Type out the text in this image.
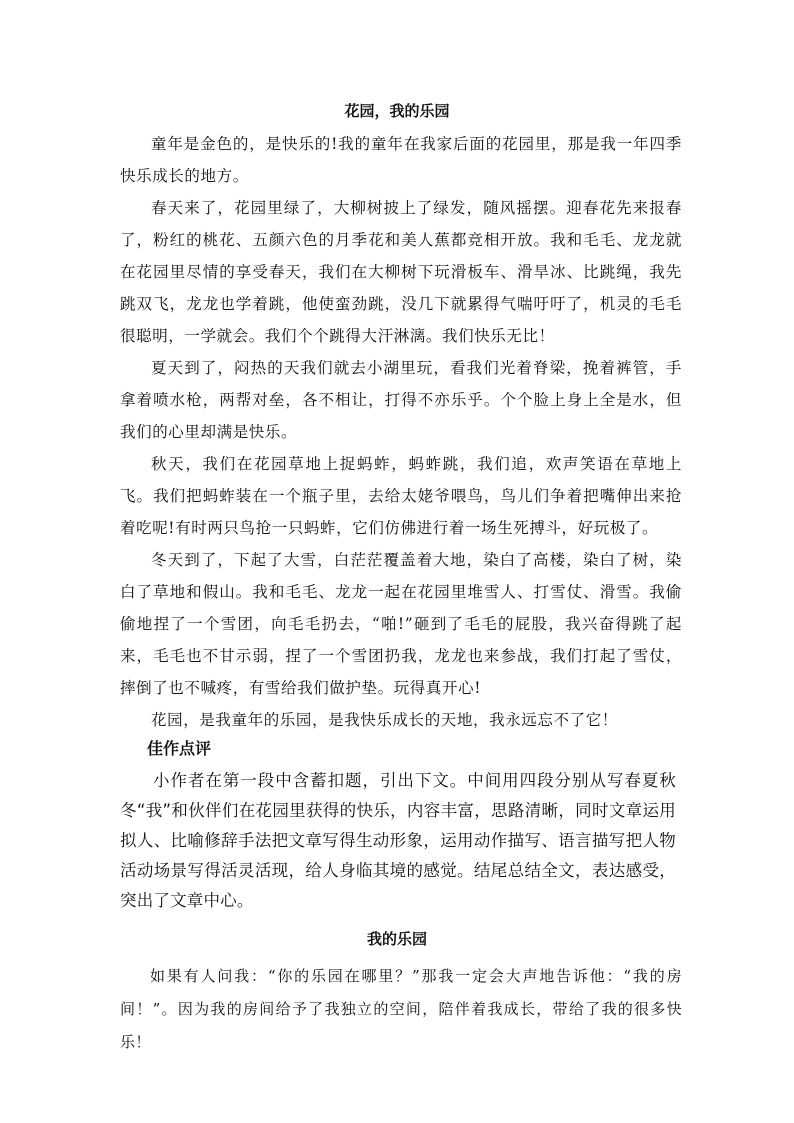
花园，我的乐园

童年是金色的，是快乐的!我的童年在我家后面的花园里，那是我一年四季快乐成长的地方。

春天来了，花园里绿了，大柳树披上了绿发，随风摇摆。迎春花先来报春了，粉红的桃花、五颜六色的月季花和美人蕉都竞相开放。我和毛毛、龙龙就在花园里尽情的享受春天，我们在大柳树下玩滑板车、滑旱冰、比跳绳，我先跳双飞，龙龙也学着跳，他使蛮劲跳，没几下就累得气喘吁吁了，机灵的毛毛很聪明，一学就会。我们个个跳得大汗淋漓。我们快乐无比！

夏天到了，闷热的天我们就去小湖里玩，看我们光着脊梁，挽着裤管，手拿着喷水枪，两帮对垒，各不相让，打得不亦乐乎。个个脸上身上全是水，但我们的心里却满是快乐。

秋天，我们在花园草地上捉蚂蚱，蚂蚱跳，我们追，欢声笑语在草地上飞。我们把蚂蚱装在一个瓶子里，去给太姥爷喂鸟，鸟儿们争着把嘴伸出来抢着吃呢!有时两只鸟抢一只蚂蚱，它们仿佛进行着一场生死搏斗，好玩极了。

冬天到了，下起了大雪，白茫茫覆盖着大地，染白了高楼，染白了树，染白了草地和假山。我和毛毛、龙龙一起在花园里堆雪人、打雪仗、滑雪。我偷偷地捏了一个雪团，向毛毛扔去，“啪!”砸到了毛毛的屁股，我兴奋得跳了起来，毛毛也不甘示弱，捏了一个雪团扔我，龙龙也来参战，我们打起了雪仗，摔倒了也不喊疼，有雪给我们做护垫。玩得真开心!

花园，是我童年的乐园，是我快乐成长的天地，我永远忘不了它！

佳作点评

小作者在第一段中含蓄扣题，引出下文。中间用四段分别从写春夏秋冬“我”和伙伴们在花园里获得的快乐，内容丰富，思路清晰，同时文章运用拟人、比喻修辞手法把文章写得生动形象，运用动作描写、语言描写把人物活动场景写得活灵活现，给人身临其境的感觉。结尾总结全文，表达感受，突出了文章中心。

我的乐园

如果有人问我：“你的乐园在哪里？”那我一定会大声地告诉他：“我的房间！”。因为我的房间给予了我独立的空间，陪伴着我成长，带给了我的很多快乐！
